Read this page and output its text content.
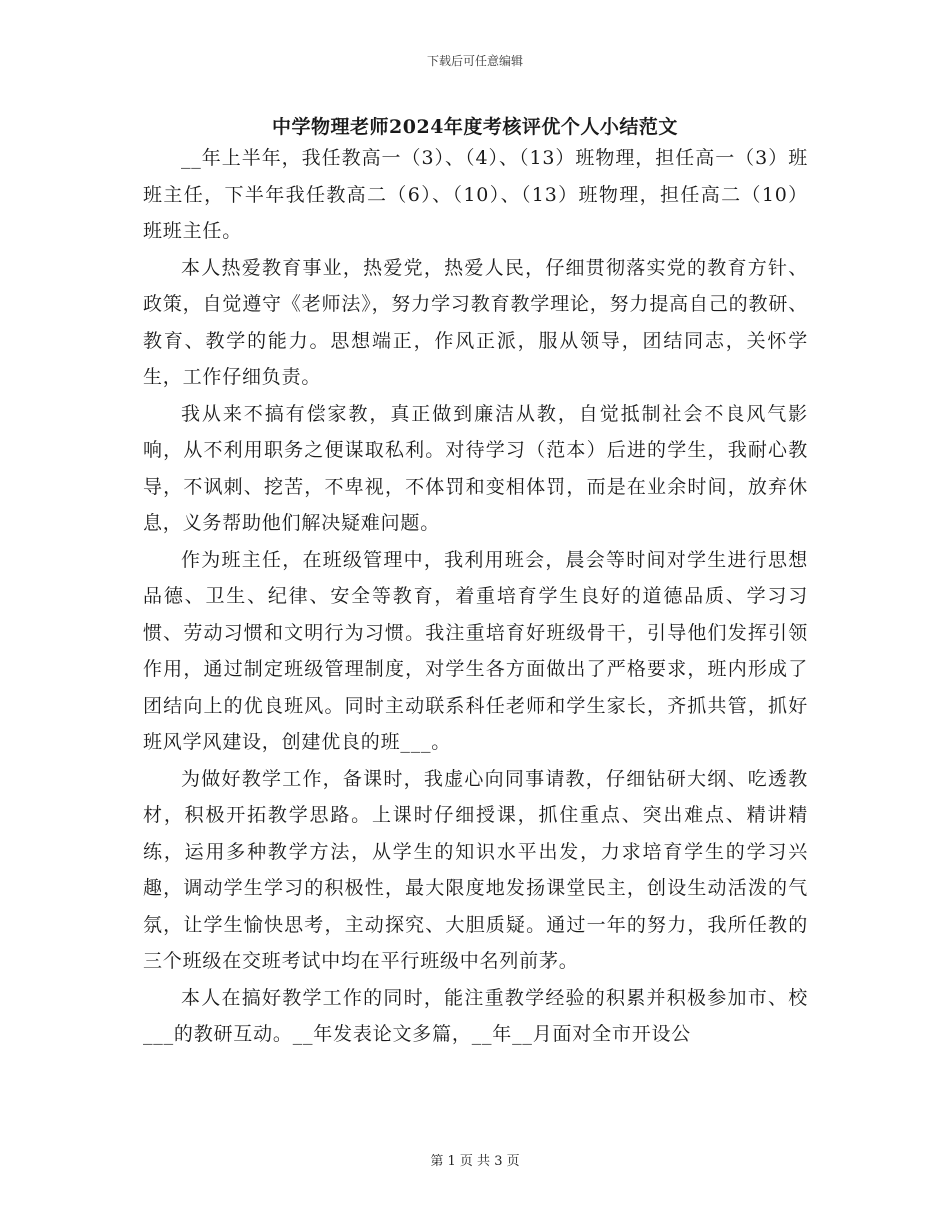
下载后可任意编辑
中学物理老师2024年度考核评优个人小结范文

__年上半年，我任教高一（3）、（4）、（13）班物理，担任高一（3）班班主任，下半年我任教高二（6）、（10）、（13）班物理，担任高二（10）班班主任。

本人热爱教育事业，热爱党，热爱人民，仔细贯彻落实党的教育方针、政策，自觉遵守《老师法》，努力学习教育教学理论，努力提高自己的教研、教育、教学的能力。思想端正，作风正派，服从领导，团结同志，关怀学生，工作仔细负责。

我从来不搞有偿家教，真正做到廉洁从教，自觉抵制社会不良风气影响，从不利用职务之便谋取私利。对待学习（范本）后进的学生，我耐心教导，不讽刺、挖苦，不卑视，不体罚和变相体罚，而是在业余时间，放弃休息，义务帮助他们解决疑难问题。

作为班主任，在班级管理中，我利用班会，晨会等时间对学生进行思想品德、卫生、纪律、安全等教育，着重培育学生良好的道德品质、学习习惯、劳动习惯和文明行为习惯。我注重培育好班级骨干，引导他们发挥引领作用，通过制定班级管理制度，对学生各方面做出了严格要求，班内形成了团结向上的优良班风。同时主动联系科任老师和学生家长，齐抓共管，抓好班风学风建设，创建优良的班___。

为做好教学工作，备课时，我虚心向同事请教，仔细钻研大纲、吃透教材，积极开拓教学思路。上课时仔细授课，抓住重点、突出难点、精讲精练，运用多种教学方法，从学生的知识水平出发，力求培育学生的学习兴趣，调动学生学习的积极性，最大限度地发扬课堂民主，创设生动活泼的气氛，让学生愉快思考，主动探究、大胆质疑。通过一年的努力，我所任教的三个班级在交班考试中均在平行班级中名列前茅。

本人在搞好教学工作的同时，能注重教学经验的积累并积极参加市、校___的教研互动。__年发表论文多篇，__年__月面对全市开设公

第 1 页 共 3 页
